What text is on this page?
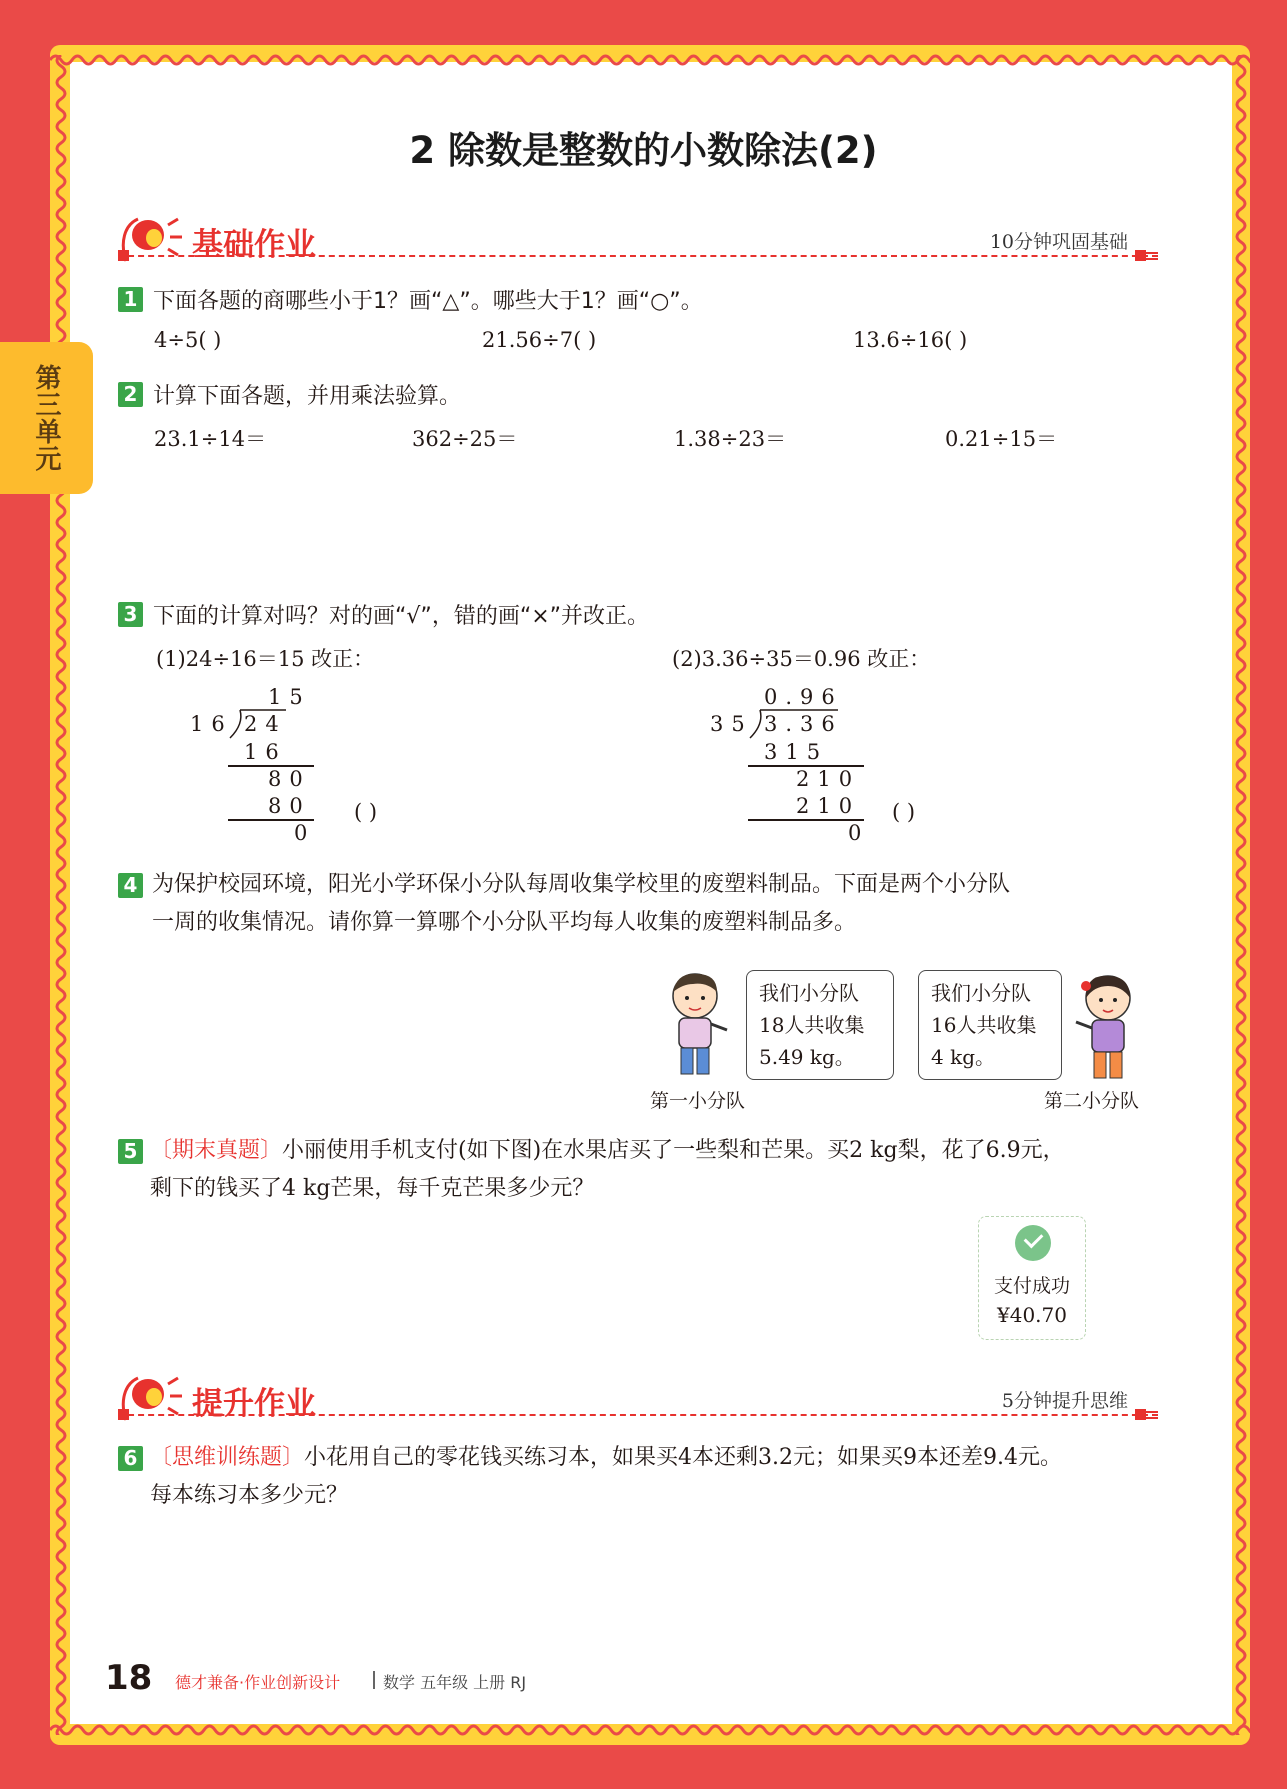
第三单元
2 除数是整数的小数除法(2)
基础作业	10分钟巩固基础
1 下面各题的商哪些小于1？画“△”。哪些大于1？画“○”。
4÷5( )	21.56÷7( )	13.6÷16( )
2 计算下面各题，并用乘法验算。
23.1÷14＝	362÷25＝	1.38÷23＝	0.21÷15＝
3 下面的计算对吗？对的画“√”，错的画“×”并改正。
(1)24÷16＝15 改正：	(2)3.36÷35＝0.96 改正：
15
16 24
16
80
80
0
( )
0.96
35 3.36
315
210
210
0
( )
4 为保护校园环境，阳光小学环保小分队每周收集学校里的废塑料制品。下面是两个小分队
一周的收集情况。请你算一算哪个小分队平均每人收集的废塑料制品多。
我们小分队
18人共收集
5.49 kg。
第一小分队
我们小分队
16人共收集
4 kg。
第二小分队
5 〔期末真题〕小丽使用手机支付(如下图)在水果店买了一些梨和芒果。买2 kg梨，花了6.9元，
剩下的钱买了4 kg芒果，每千克芒果多少元？
支付成功
¥40.70
提升作业	5分钟提升思维
6 〔思维训练题〕小花用自己的零花钱买练习本，如果买4本还剩3.2元；如果买9本还差9.4元。
每本练习本多少元？
18 德才兼备·作业创新设计	数学 五年级 上册 RJ
